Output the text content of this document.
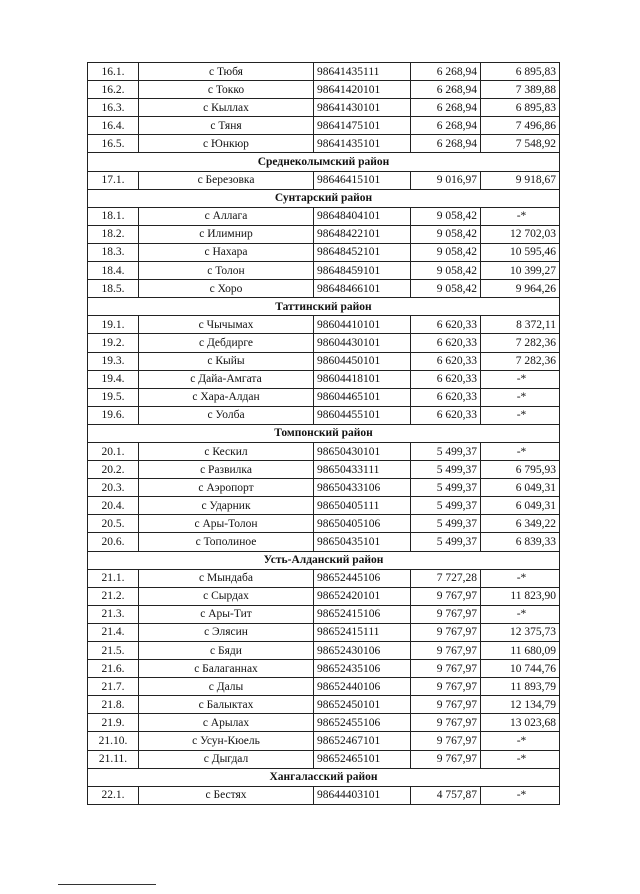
16.1.	с Тюбя	98641435111	6 268,94	6 895,83
16.2.	с Токко	98641420101	6 268,94	7 389,88
16.3.	с Кыллах	98641430101	6 268,94	6 895,83
16.4.	с Тяня	98641475101	6 268,94	7 496,86
16.5.	с Юнкюр	98641435101	6 268,94	7 548,92
Среднеколымский район				
17.1.	с Березовка	98646415101	9 016,97	9 918,67
Сунтарский район				
18.1.	с Аллага	98648404101	9 058,42	-*
18.2.	с Илимнир	98648422101	9 058,42	12 702,03
18.3.	с Нахара	98648452101	9 058,42	10 595,46
18.4.	с Толон	98648459101	9 058,42	10 399,27
18.5.	с Хоро	98648466101	9 058,42	9 964,26
Таттинский район				
19.1.	с Чычымах	98604410101	6 620,33	8 372,11
19.2.	с Дебдирге	98604430101	6 620,33	7 282,36
19.3.	с Кыйы	98604450101	6 620,33	7 282,36
19.4.	с Дайа-Амгата	98604418101	6 620,33	-*
19.5.	с Хара-Алдан	98604465101	6 620,33	-*
19.6.	с Уолба	98604455101	6 620,33	-*
Томпонский район				
20.1.	с Кескил	98650430101	5 499,37	-*
20.2.	с Развилка	98650433111	5 499,37	6 795,93
20.3.	с Аэропорт	98650433106	5 499,37	6 049,31
20.4.	с Ударник	98650405111	5 499,37	6 049,31
20.5.	с Ары-Толон	98650405106	5 499,37	6 349,22
20.6.	с Тополиное	98650435101	5 499,37	6 839,33
Усть-Алданский район				
21.1.	с Мындаба	98652445106	7 727,28	-*
21.2.	с Сырдах	98652420101	9 767,97	11 823,90
21.3.	с Ары-Тит	98652415106	9 767,97	-*
21.4.	с Элясин	98652415111	9 767,97	12 375,73
21.5.	с Бяди	98652430106	9 767,97	11 680,09
21.6.	с Балаганнах	98652435106	9 767,97	10 744,76
21.7.	с Далы	98652440106	9 767,97	11 893,79
21.8.	с Балыктах	98652450101	9 767,97	12 134,79
21.9.	с Арылах	98652455106	9 767,97	13 023,68
21.10.	с Усун-Кюель	98652467101	9 767,97	-*
21.11.	с Дыгдал	98652465101	9 767,97	-*
Хангаласский район				
22.1.	с Бестях	98644403101	4 757,87	-*
